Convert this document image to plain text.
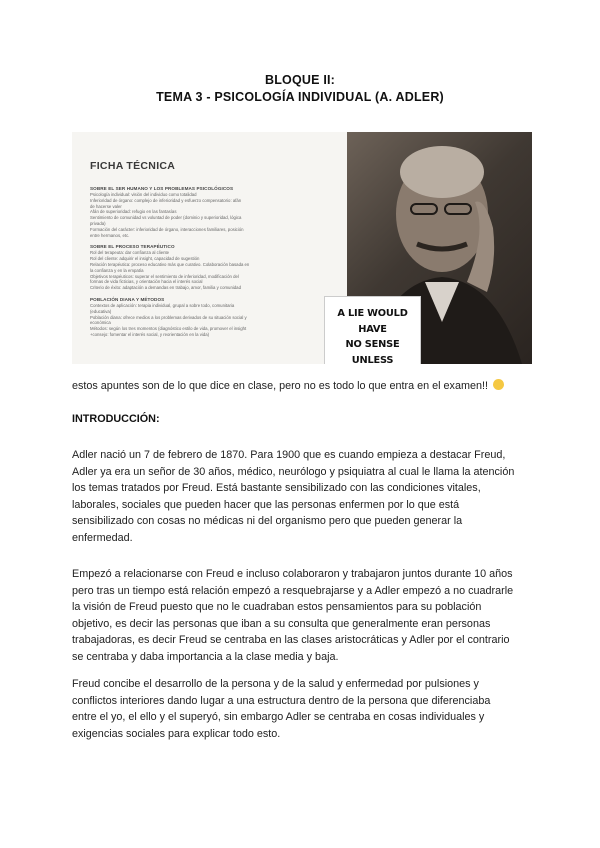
BLOQUE II:
TEMA 3 - PSICOLOGÍA INDIVIDUAL (A. ADLER)
FICHA TÉCNICA
SOBRE EL SER HUMANO Y LOS PROBLEMAS PSICOLÓGICOS
Psicología individual: visión del individuo como totalidad
Inferioridad de órgano: complejo de inferioridad y esfuerzo compensatorio: afán
de hacerse valer
Afán de superioridad: refugio en las fantasías
Sentimiento de comunidad vs voluntad de poder (dominio y superioridad, lógica
privada)
Formación del carácter: inferioridad de órgano, interacciones familiares, posición
entre hermanos, etc.
SOBRE EL PROCESO TERAPÉUTICO
Rol del terapeuta: dar confianza al cliente
Rol del cliente: adquirir el insight, capacidad de sugestión
Relación terapéutica: proceso educativo más que curativo. Colaboración basada en
la confianza y en la empatía
Objetivos terapéuticos: superar el sentimiento de inferioridad, modificación del
formas de vida ficticias, y orientación hacia el interés social
Criterio de éxito: adaptación a demandas en trabajo, amor, familia y comunidad
POBLACIÓN DIANA Y MÉTODOS
Contextos de aplicación: terapia individual, grupal a sobre todo, comunitaria
(educativa)
Población diana: ofrece medios a los problemas derivados de su situación social y
económica
Métodos: según los tres momentos (diagnóstico estilo de vida, promover el insight
+consejo: fomentar el interés social, y reorientación en la vida)
A LIE WOULD HAVE
NO SENSE UNLESS
estos apuntes son de lo que dice en clase, pero no es todo lo que entra en el examen!!
INTRODUCCIÓN:
Adler nació un 7 de febrero de 1870. Para 1900 que es cuando empieza a destacar Freud,
Adler ya era un señor de 30 años, médico, neurólogo y psiquiatra al cual le llama la atención
los temas tratados por Freud. Está bastante sensibilizado con las condiciones vitales,
laborales, sociales que pueden hacer que las personas enfermen por lo que está
sensibilizado con cosas no médicas ni del organismo pero que pueden generar la
enfermedad.
Empezó a relacionarse con Freud e incluso colaboraron y trabajaron juntos durante 10 años
pero tras un tiempo está relación empezó a resquebrajarse y a Adler empezó a no cuadrarle
la visión de Freud puesto que no le cuadraban estos pensamientos para su población
objetivo, es decir las personas que iban a su consulta que generalmente eran personas
trabajadoras, es decir Freud se centraba en las clases aristocráticas y Adler por el contrario
se centraba y daba importancia a la clase media y baja.
Freud concibe el desarrollo de la persona y de la salud y enfermedad por pulsiones y
conflictos interiores dando lugar a una estructura dentro de la persona que diferenciaba
entre el yo, el ello y el superyó, sin embargo Adler se centraba en cosas individuales y
exigencias sociales para explicar todo esto.
